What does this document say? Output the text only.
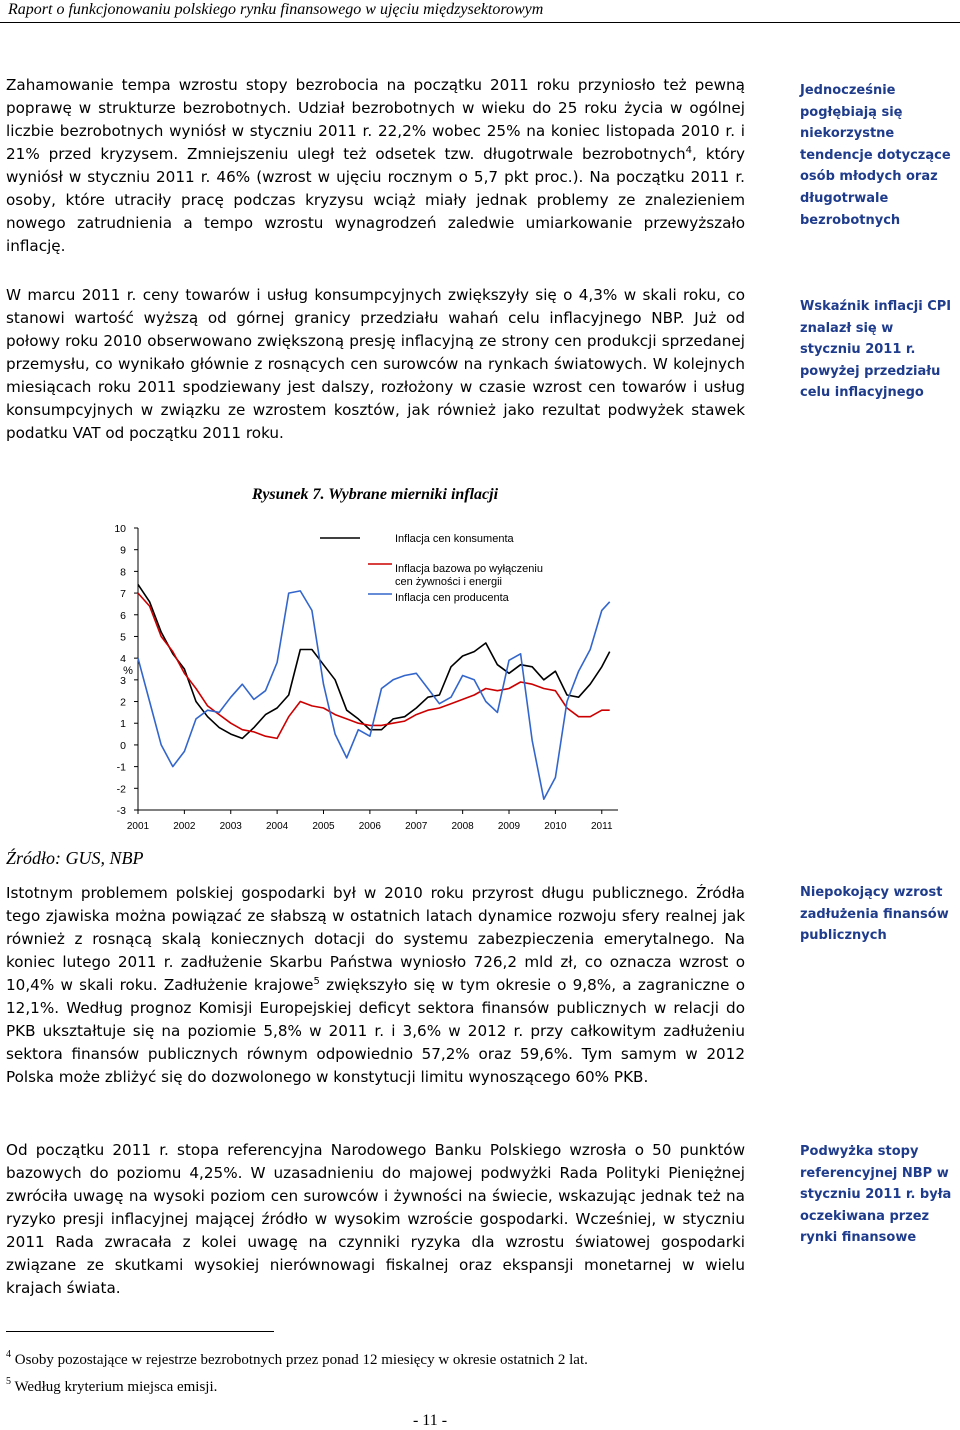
Raport o funkcjonowaniu polskiego rynku finansowego w ujęciu międzysektorowym

Zahamowanie tempa wzrostu stopy bezrobocia na początku 2011 roku przyniosło też pewną poprawę w strukturze bezrobotnych. Udział bezrobotnych w wieku do 25 roku życia w ogólnej liczbie bezrobotnych wyniósł w styczniu 2011 r. 22,2% wobec 25% na koniec listopada 2010 r. i 21% przed kryzysem. Zmniejszeniu uległ też odsetek tzw. długotrwale bezrobotnych$^4$, który wyniósł w styczniu 2011 r. 46% (wzrost w ujęciu rocznym o 5,7 pkt proc.). Na początku 2011 r. osoby, które utraciły pracę podczas kryzysu wciąż miały jednak problemy ze znalezieniem nowego zatrudnienia a tempo wzrostu wynagrodzeń zaledwie umiarkowanie przewyższało inflację.

Jednocześnie pogłębiają się niekorzystne tendencje dotyczące osób młodych oraz długotrwale bezrobotnych

W marcu 2011 r. ceny towarów i usług konsumpcyjnych zwiększyły się o 4,3% w skali roku, co stanowi wartość wyższą od górnej granicy przedziału wahań celu inflacyjnego NBP. Już od połowy roku 2010 obserwowano zwiększoną presję inflacyjną ze strony cen produkcji sprzedanej przemysłu, co wynikało głównie z rosnących cen surowców na rynkach światowych. W kolejnych miesiącach roku 2011 spodziewany jest dalszy, rozłożony w czasie wzrost cen towarów i usług konsumpcyjnych w związku ze wzrostem kosztów, jak również jako rezultat podwyżek stawek podatku VAT od początku 2011 roku.

Wskaźnik inflacji CPI znalazł się w styczniu 2011 r. powyżej przedziału celu inflacyjnego
Rysunek 7. Wybrane mierniki inflacji
10
9
8
7
6
5
4
3
2
1
0
-1
-2
-3
2001 2002 2003 2004 2005 2006 2007 2008 2009 2010 2011
%
Inflacja cen konsumenta
Inflacja bazowa po wyłączeniu
cen żywności i energii
Inflacja cen producenta
Źródło: GUS, NBP

Istotnym problemem polskiej gospodarki był w 2010 roku przyrost długu publicznego. Źródła tego zjawiska można powiązać ze słabszą w ostatnich latach dynamice rozwoju sfery realnej jak również z rosnącą skalą koniecznych dotacji do systemu zabezpieczenia emerytalnego. Na koniec lutego 2011 r. zadłużenie Skarbu Państwa wyniosło 726,2 mld zł, co oznacza wzrost o 10,4% w skali roku. Zadłużenie krajowe$^5$ zwiększyło się w tym okresie o 9,8%, a zagraniczne o 12,1%. Według prognoz Komisji Europejskiej deficyt sektora finansów publicznych w relacji do PKB ukształtuje się na poziomie 5,8% w 2011 r. i 3,6% w 2012 r. przy całkowitym zadłużeniu sektora finansów publicznych równym odpowiednio 57,2% oraz 59,6%. Tym samym w 2012 Polska może zbliżyć się do dozwolonego w konstytucji limitu wynoszącego 60% PKB.

Niepokojący wzrost zadłużenia finansów publicznych

Od początku 2011 r. stopa referencyjna Narodowego Banku Polskiego wzrosła o 50 punktów bazowych do poziomu 4,25%. W uzasadnieniu do majowej podwyżki Rada Polityki Pieniężnej zwróciła uwagę na wysoki poziom cen surowców i żywności na świecie, wskazując jednak też na ryzyko presji inflacyjnej mającej źródło w wysokim wzroście gospodarki. Wcześniej, w styczniu 2011 Rada zwracała z kolei uwagę na czynniki ryzyka dla wzrostu światowej gospodarki związane ze skutkami wysokiej nierównowagi fiskalnej oraz ekspansji monetarnej w wielu krajach świata.

Podwyżka stopy referencyjnej NBP w styczniu 2011 r. była oczekiwana przez rynki finansowe
$^4$ Osoby pozostające w rejestrze bezrobotnych przez ponad 12 miesięcy w okresie ostatnich 2 lat.
$^5$ Według kryterium miejsca emisji.
- 11 -
